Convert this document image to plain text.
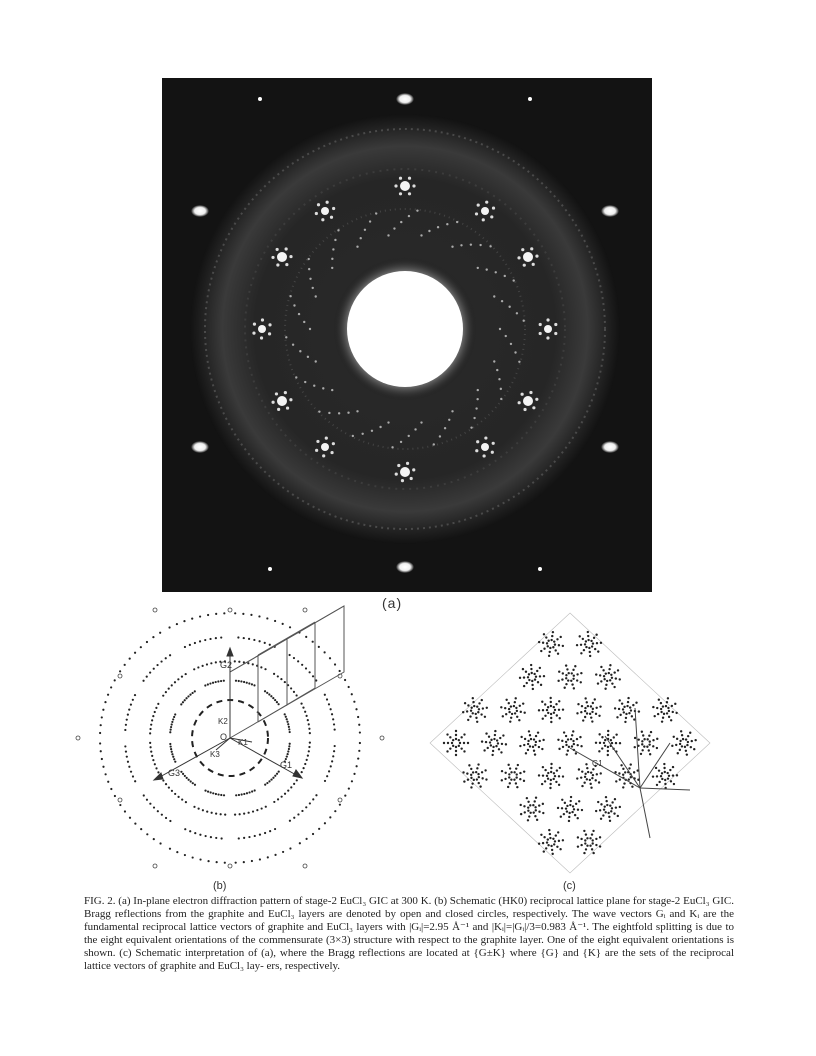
(a)
G2
G1
G3
K1
K2
K3
O
(b)
G1
(c)
FIG. 2. (a) In-plane electron diffraction pattern of stage-2 EuCl₃ GIC at 300 K. (b) Schematic (HK0) reciprocal lattice plane for stage-2 EuCl₃ GIC. Bragg reflections from the graphite and EuCl₃ layers are denoted by open and closed circles, respectively. The wave vectors Gᵢ and Kᵢ are the fundamental reciprocal lattice vectors of graphite and EuCl₃ layers with |Gᵢ|=2.95 Å⁻¹ and |Kᵢ|=|Gᵢ|/3=0.983 Å⁻¹. The eightfold splitting is due to the eight equivalent orientations of the commensurate (3×3) structure with respect to the graphite layer. One of the eight equivalent orientations is shown. (c) Schematic interpretation of (a), where the Bragg reflections are located at {G±K} where {G} and {K} are the sets of the reciprocal lattice vectors of graphite and EuCl₃ lay- ers, respectively.
